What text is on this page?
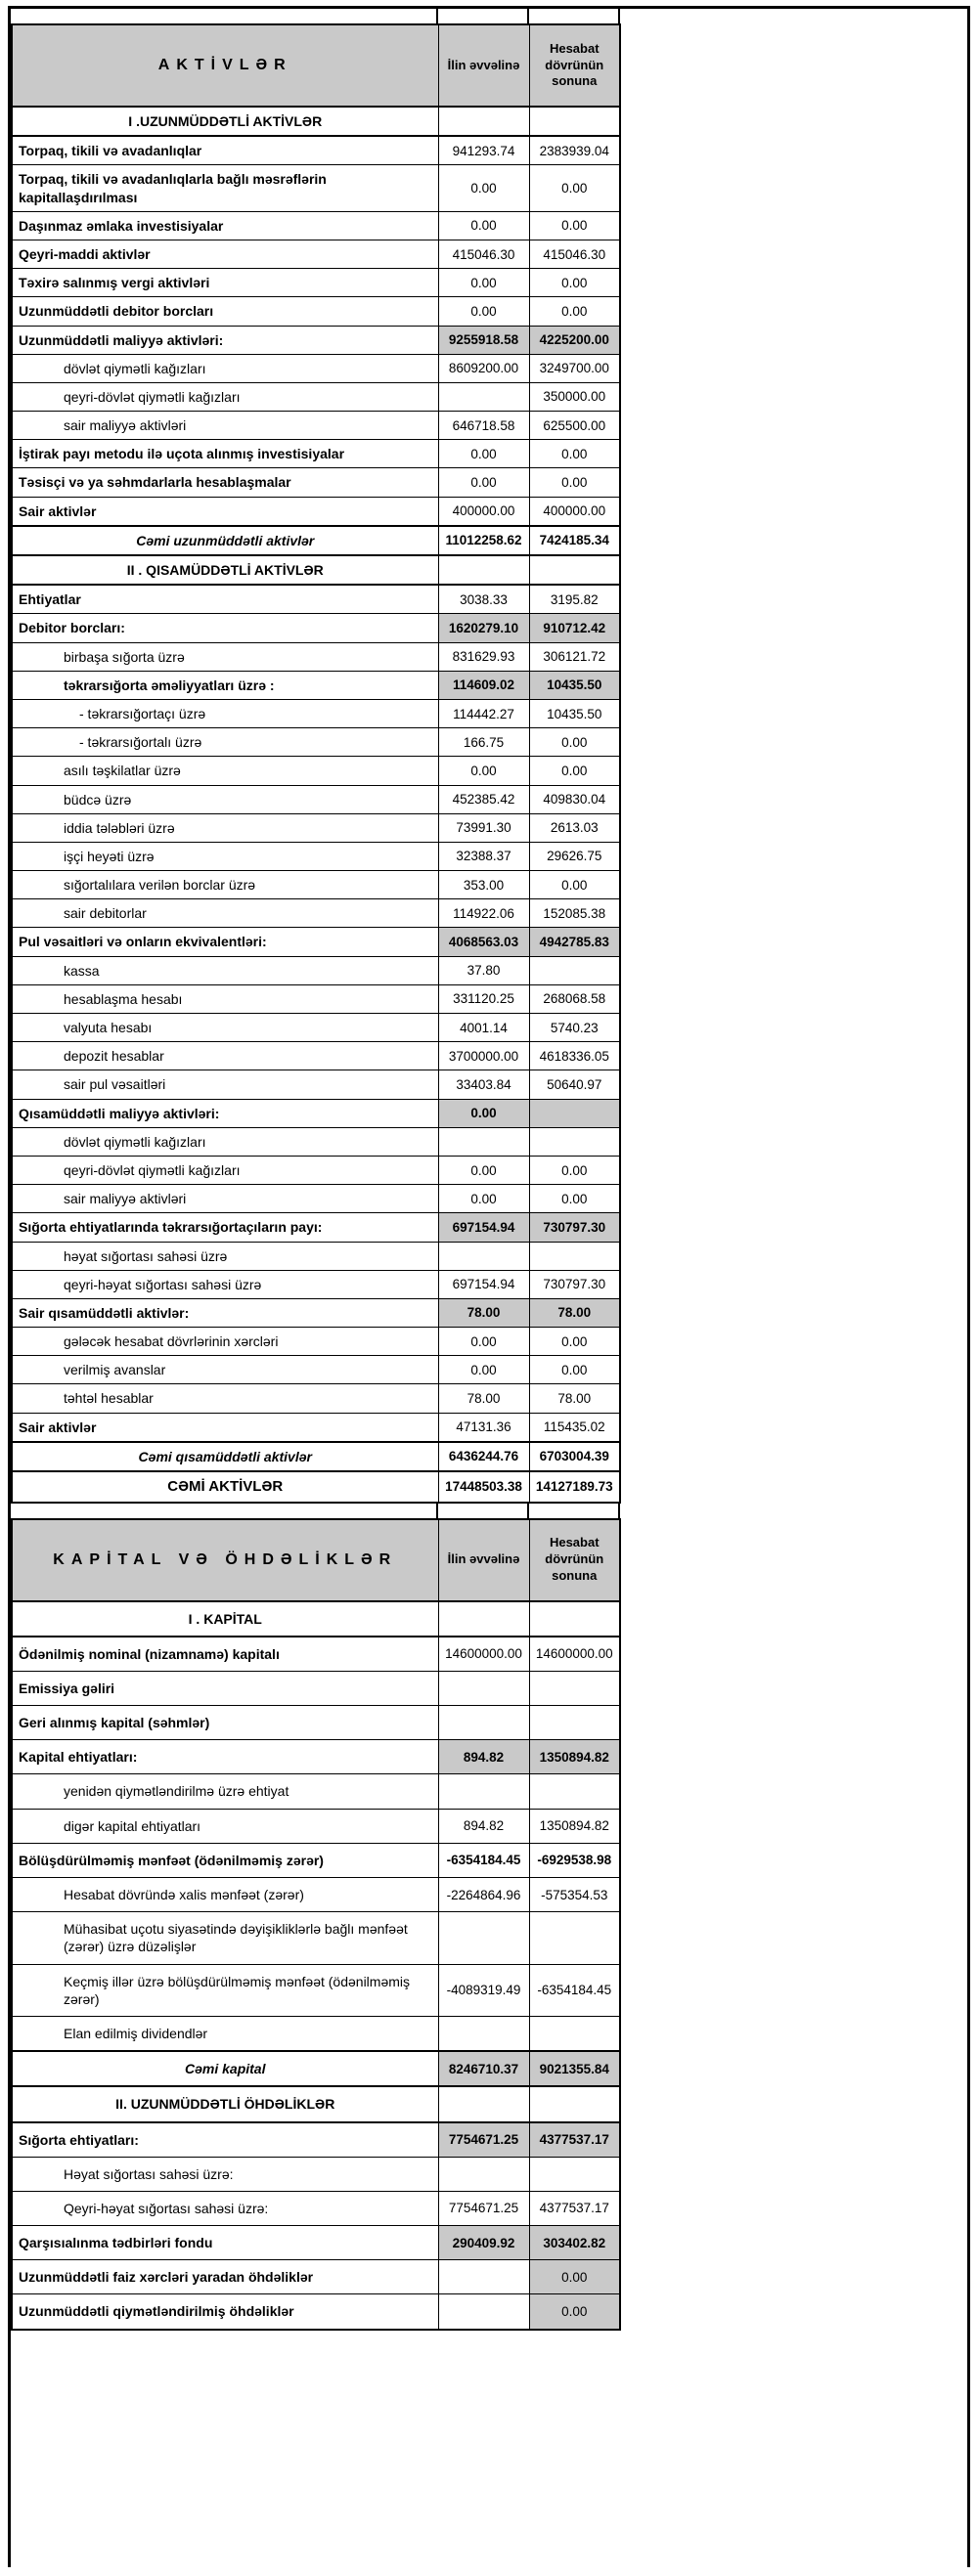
AKTİVLƏR	İlin əvvəlinə	Hesabat dövrünün sonuna
I .UZUNMÜDDƏTLİ AKTİVLƏR		
Torpaq, tikili və avadanlıqlar	941293.74	2383939.04
Torpaq, tikili və avadanlıqlarla bağlı məsrəflərin kapitallaşdırılması	0.00	0.00
Daşınmaz əmlaka investisiyalar	0.00	0.00
Qeyri-maddi aktivlər	415046.30	415046.30
Təxirə salınmış vergi aktivləri	0.00	0.00
Uzunmüddətli debitor borcları	0.00	0.00
Uzunmüddətli maliyyə aktivləri:	9255918.58	4225200.00
dövlət qiymətli kağızları	8609200.00	3249700.00
qeyri-dövlət qiymətli kağızları		350000.00
sair maliyyə aktivləri	646718.58	625500.00
İştirak payı metodu ilə uçota alınmış investisiyalar	0.00	0.00
Təsisçi və ya səhmdarlarla hesablaşmalar	0.00	0.00
Sair aktivlər	400000.00	400000.00
Cəmi uzunmüddətli aktivlər	11012258.62	7424185.34
II . QISAMÜDDƏTLİ AKTİVLƏR		
Ehtiyatlar	3038.33	3195.82
Debitor borcları:	1620279.10	910712.42
birbaşa sığorta üzrə	831629.93	306121.72
təkrarsığorta əməliyyatları üzrə :	114609.02	10435.50
- təkrarsığortaçı üzrə	114442.27	10435.50
- təkrarsığortalı üzrə	166.75	0.00
asılı təşkilatlar üzrə	0.00	0.00
büdcə üzrə	452385.42	409830.04
iddia tələbləri üzrə	73991.30	2613.03
işçi heyəti üzrə	32388.37	29626.75
sığortalılara verilən borclar üzrə	353.00	0.00
sair debitorlar	114922.06	152085.38
Pul vəsaitləri və onların ekvivalentləri:	4068563.03	4942785.83
kassa	37.80	
hesablaşma hesabı	331120.25	268068.58
valyuta hesabı	4001.14	5740.23
depozit hesablar	3700000.00	4618336.05
sair pul vəsaitləri	33403.84	50640.97
Qısamüddətli maliyyə aktivləri:	0.00	
dövlət qiymətli kağızları		
qeyri-dövlət qiymətli kağızları	0.00	0.00
sair maliyyə aktivləri	0.00	0.00
Sığorta ehtiyatlarında təkrarsığortaçıların payı:	697154.94	730797.30
həyat sığortası sahəsi üzrə		
qeyri-həyat sığortası sahəsi üzrə	697154.94	730797.30
Sair qısamüddətli aktivlər:	78.00	78.00
gələcək hesabat dövrlərinin xərcləri	0.00	0.00
verilmiş avanslar	0.00	0.00
təhtəl hesablar	78.00	78.00
Sair aktivlər	47131.36	115435.02
Cəmi qısamüddətli aktivlər	6436244.76	6703004.39
CƏMİ AKTİVLƏR	17448503.38	14127189.73

KAPİTAL VƏ ÖHDƏLİKLƏR	İlin əvvəlinə	Hesabat dövrünün sonuna
I . KAPİTAL		
Ödənilmiş nominal (nizamnamə) kapitalı	14600000.00	14600000.00
Emissiya gəliri		
Geri alınmış kapital (səhmlər)		
Kapital ehtiyatları:	894.82	1350894.82
yenidən qiymətləndirilmə üzrə ehtiyat		
digər kapital ehtiyatları	894.82	1350894.82
Bölüşdürülməmiş mənfəət (ödənilməmiş zərər)	-6354184.45	-6929538.98
Hesabat dövründə xalis mənfəət (zərər)	-2264864.96	-575354.53
Mühasibat uçotu siyasətində dəyişikliklərlə bağlı mənfəət (zərər) üzrə düzəlişlər		
Keçmiş illər üzrə bölüşdürülməmiş mənfəət (ödənilməmiş zərər)	-4089319.49	-6354184.45
Elan edilmiş dividendlər		
Cəmi kapital	8246710.37	9021355.84
II. UZUNMÜDDƏTLİ ÖHDƏLİKLƏR		
Sığorta ehtiyatları:	7754671.25	4377537.17
Həyat sığortası sahəsi üzrə:		
Qeyri-həyat sığortası sahəsi üzrə:	7754671.25	4377537.17
Qarşısıalınma tədbirləri fondu	290409.92	303402.82
Uzunmüddətli faiz xərcləri yaradan öhdəliklər		0.00
Uzunmüddətli qiymətləndirilmiş öhdəliklər		0.00
